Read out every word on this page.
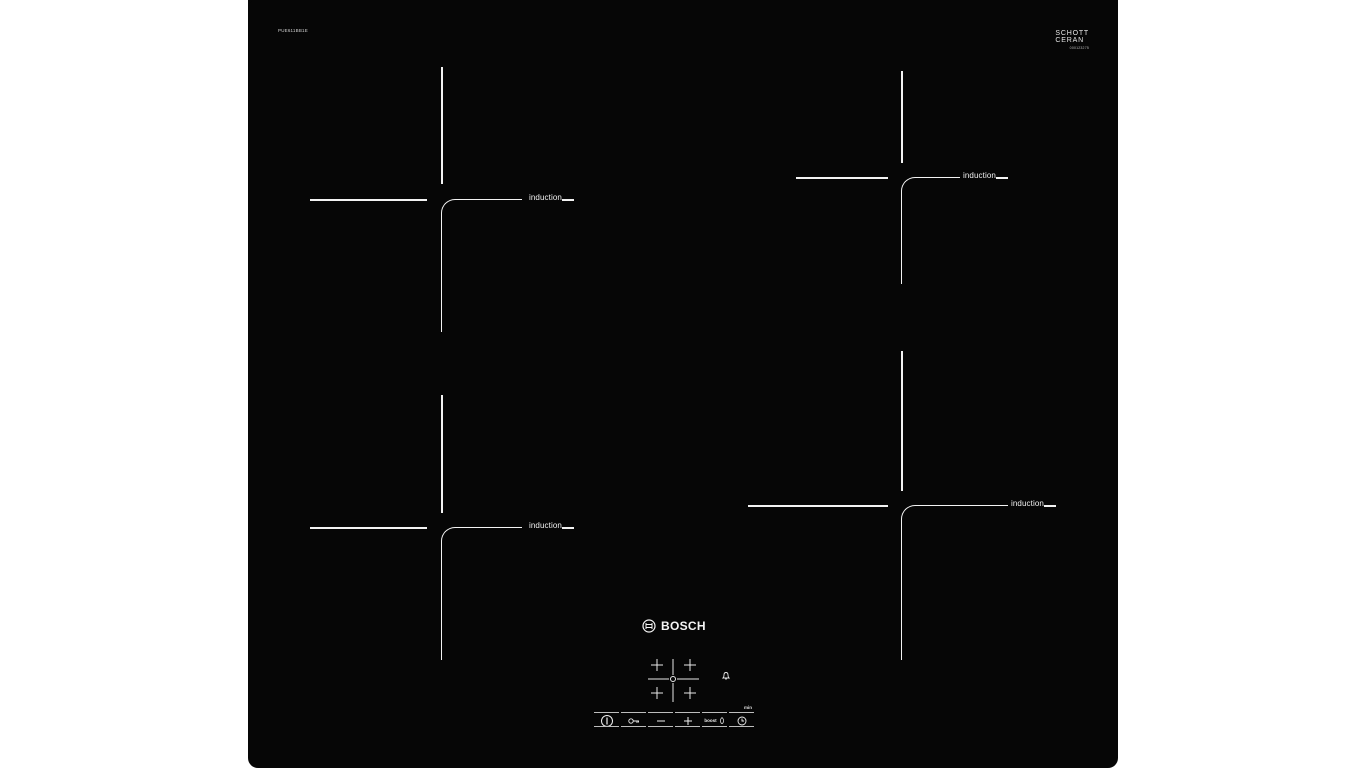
PUE611BB1E	SCHOTT
CERAN
000123275
induction
induction
induction
induction
BOSCH
min
boost
